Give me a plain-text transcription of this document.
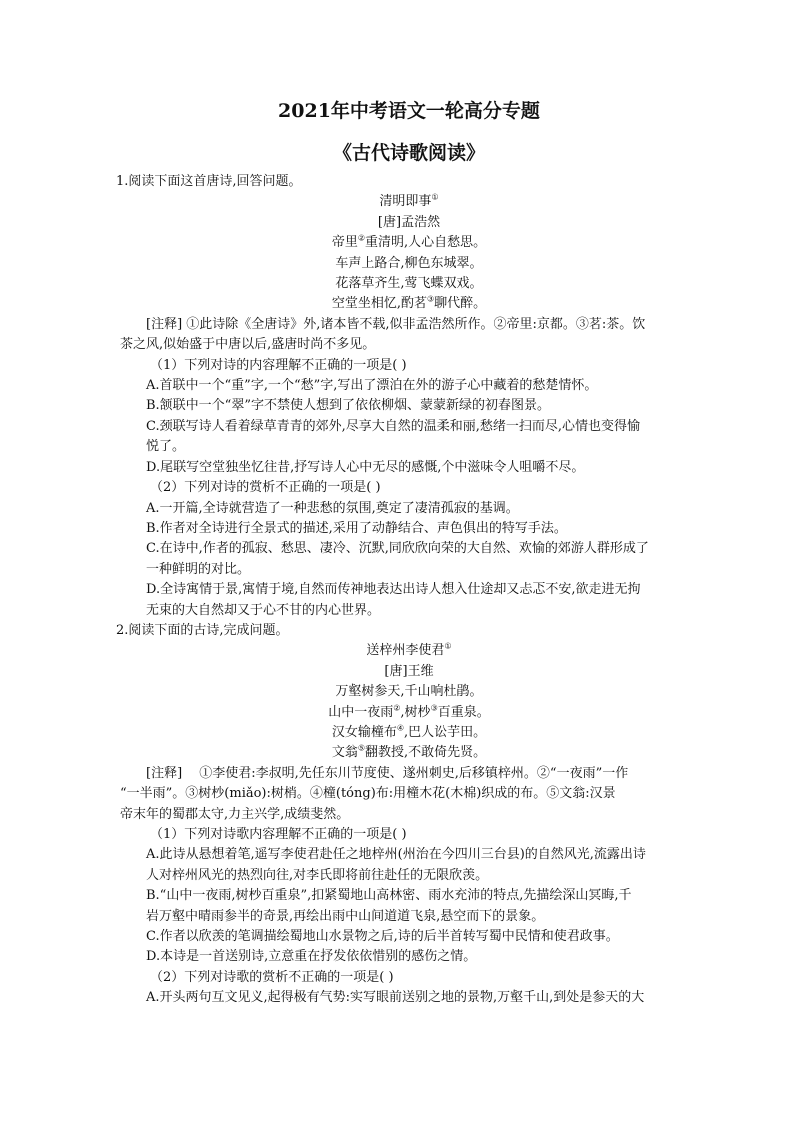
2021年中考语文一轮高分专题

《古代诗歌阅读》

1.阅读下面这首唐诗,回答问题。

清明即事①

[唐]孟浩然

帝里②重清明,人心自愁思。

车声上路合,柳色东城翠。

花落草齐生,莺飞蝶双戏。

空堂坐相忆,酌茗③聊代醉。

[注释] ①此诗除《全唐诗》外,诸本皆不载,似非孟浩然所作。②帝里:京都。③茗:茶。饮

茶之风,似始盛于中唐以后,盛唐时尚不多见。

（1）下列对诗的内容理解不正确的一项是( )

A.首联中一个“重”字,一个“愁”字,写出了漂泊在外的游子心中藏着的愁楚情怀。

B.颔联中一个“翠”字不禁使人想到了依依柳烟、蒙蒙新绿的初春图景。

C.颈联写诗人看着绿草青青的郊外,尽享大自然的温柔和丽,愁绪一扫而尽,心情也变得愉

悦了。

D.尾联写空堂独坐忆往昔,抒写诗人心中无尽的感慨,个中滋味令人咀嚼不尽。

（2）下列对诗的赏析不正确的一项是( )

A.一开篇,全诗就营造了一种悲愁的氛围,奠定了凄清孤寂的基调。

B.作者对全诗进行全景式的描述,采用了动静结合、声色俱出的特写手法。

C.在诗中,作者的孤寂、愁思、凄冷、沉默,同欣欣向荣的大自然、欢愉的郊游人群形成了

一种鲜明的对比。

D.全诗寓情于景,寓情于境,自然而传神地表达出诗人想入仕途却又忐忑不安,欲走进无拘

无束的大自然却又于心不甘的内心世界。

2.阅读下面的古诗,完成问题。

送梓州李使君①

[唐]王维

万壑树参天,千山响杜鹃。

山中一夜雨②,树杪③百重泉。

汉女输橦布④,巴人讼芋田。

文翁⑤翻教授,不敢倚先贤。

[注释]　 ①李使君:李叔明,先任东川节度使、遂州刺史,后移镇梓州。②“一夜雨”一作

“一半雨”。③树杪(miǎo):树梢。④橦(tóng)布:用橦木花(木棉)织成的布。⑤文翁:汉景

帝末年的蜀郡太守,力主兴学,成绩斐然。

（1）下列对诗歌内容理解不正确的一项是( )

A.此诗从悬想着笔,遥写李使君赴任之地梓州(州治在今四川三台县)的自然风光,流露出诗

人对梓州风光的热烈向往,对李氏即将前往赴任的无限欣羡。

B.“山中一夜雨,树杪百重泉”,扣紧蜀地山高林密、雨水充沛的特点,先描绘深山冥晦,千

岩万壑中晴雨参半的奇景,再绘出雨中山间道道飞泉,悬空而下的景象。

C.作者以欣羡的笔调描绘蜀地山水景物之后,诗的后半首转写蜀中民情和使君政事。

D.本诗是一首送别诗,立意重在抒发依依惜别的感伤之情。

（2）下列对诗歌的赏析不正确的一项是( )

A.开头两句互文见义,起得极有气势:实写眼前送别之地的景物,万壑千山,到处是参天的大
